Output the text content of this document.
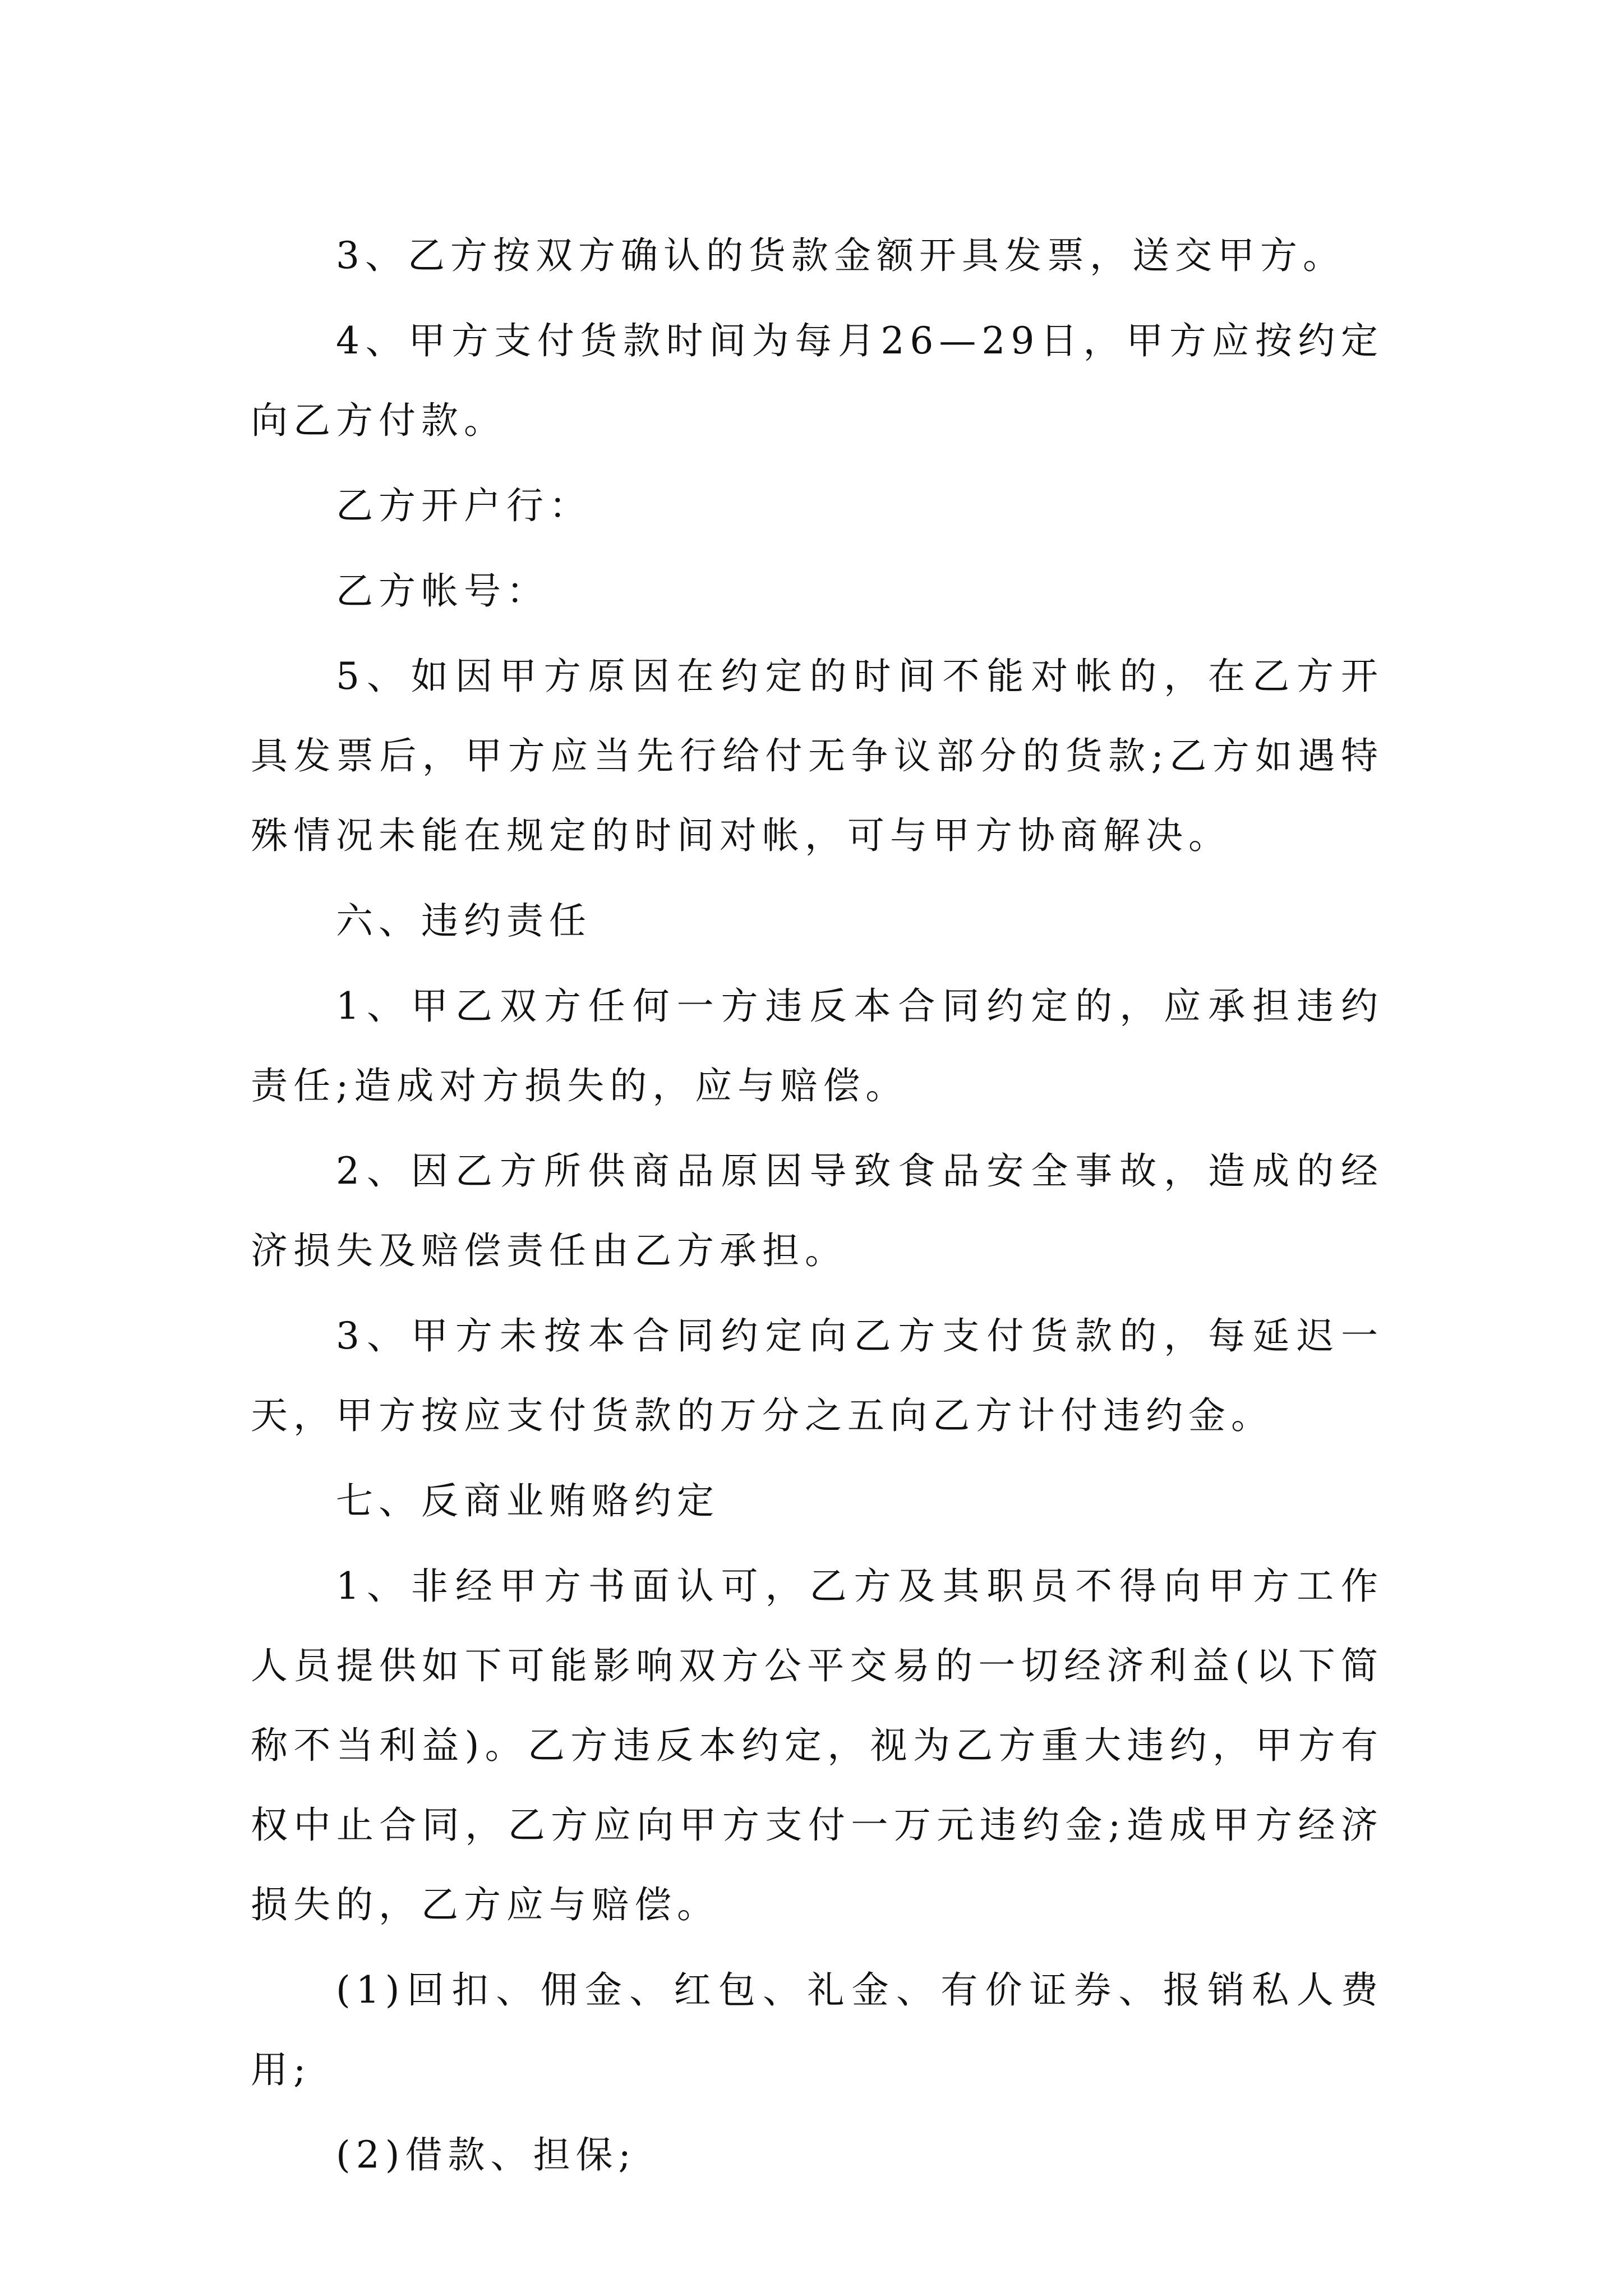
3、乙方按双方确认的货款金额开具发票，送交甲方。

4、甲方支付货款时间为每月26—29日，甲方应按约定向乙方付款。

乙方开户行：

乙方帐号：

5、如因甲方原因在约定的时间不能对帐的，在乙方开具发票后，甲方应当先行给付无争议部分的货款;乙方如遇特殊情况未能在规定的时间对帐，可与甲方协商解决。

六、违约责任

1、甲乙双方任何一方违反本合同约定的，应承担违约责任;造成对方损失的，应与赔偿。

2、因乙方所供商品原因导致食品安全事故，造成的经济损失及赔偿责任由乙方承担。

3、甲方未按本合同约定向乙方支付货款的，每延迟一天，甲方按应支付货款的万分之五向乙方计付违约金。

七、反商业贿赂约定

1、非经甲方书面认可，乙方及其职员不得向甲方工作人员提供如下可能影响双方公平交易的一切经济利益(以下简称不当利益)。乙方违反本约定，视为乙方重大违约，甲方有权中止合同，乙方应向甲方支付一万元违约金;造成甲方经济损失的，乙方应与赔偿。

(1)回扣、佣金、红包、礼金、有价证券、报销私人费用;

(2)借款、担保;
